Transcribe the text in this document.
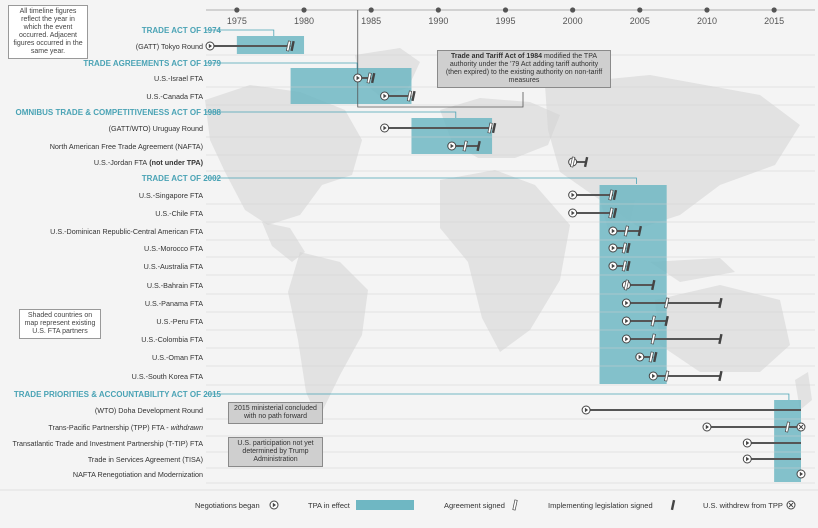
1975	1980	1985	1990	1995	2000	2005	2010	2015
TRADE ACT OF 1974
TRADE AGREEMENTS ACT OF 1979
OMNIBUS TRADE & COMPETITIVENESS ACT OF 1988
TRADE ACT OF 2002
TRADE PRIORITIES & ACCOUNTABILITY ACT OF 2015
(GATT) Tokyo Round
U.S.-Israel FTA
U.S.-Canada FTA
(GATT/WTO) Uruguay Round
North American Free Trade Agreement (NAFTA)
U.S.-Jordan FTA (not under TPA)
U.S.-Singapore FTA
U.S.-Chile FTA
U.S.-Dominican Republic-Central American FTA
U.S.-Morocco FTA
U.S.-Australia FTA
U.S.-Bahrain FTA
U.S.-Panama FTA
U.S.-Peru FTA
U.S.-Colombia FTA
U.S.-Oman FTA
U.S.-South Korea FTA
(WTO) Doha Development Round
Trans-Pacific Partnership (TPP) FTA - withdrawn
Transatlantic Trade and Investment Partnership (T-TIP) FTA
Trade in Services Agreement (TISA)
NAFTA Renegotiation and Modernization
Negotiations began	TPA in effect	Agreement signed	Implementing legislation signed	U.S. withdrew from TPP
All timeline figures reflect the year in which the event occurred. Adjacent figures occurred in the same year.
Shaded countries on map represent existing U.S. FTA partners
Trade and Tariff Act of 1984 modified the TPA authority under the '79 Act adding tariff authority (then expired) to the existing authority on non-tariff measures
2015 ministerial concluded with no path forward
U.S. participation not yet determined by Trump Administration
